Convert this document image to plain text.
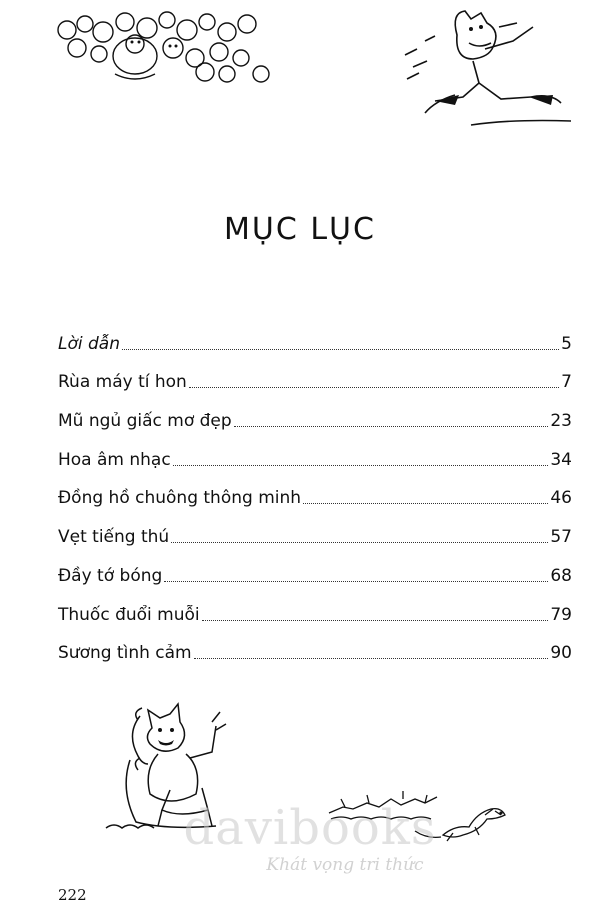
MỤC LỤC
Lời dẫn	5
Rùa máy tí hon	7
Mũ ngủ giấc mơ đẹp	23
Hoa âm nhạc	34
Đồng hồ chuông thông minh	46
Vẹt tiếng thú	57
Đầy tớ bóng	68
Thuốc đuổi muỗi	79
Sương tình cảm	90
davibooks
Khát vọng tri thức
222
